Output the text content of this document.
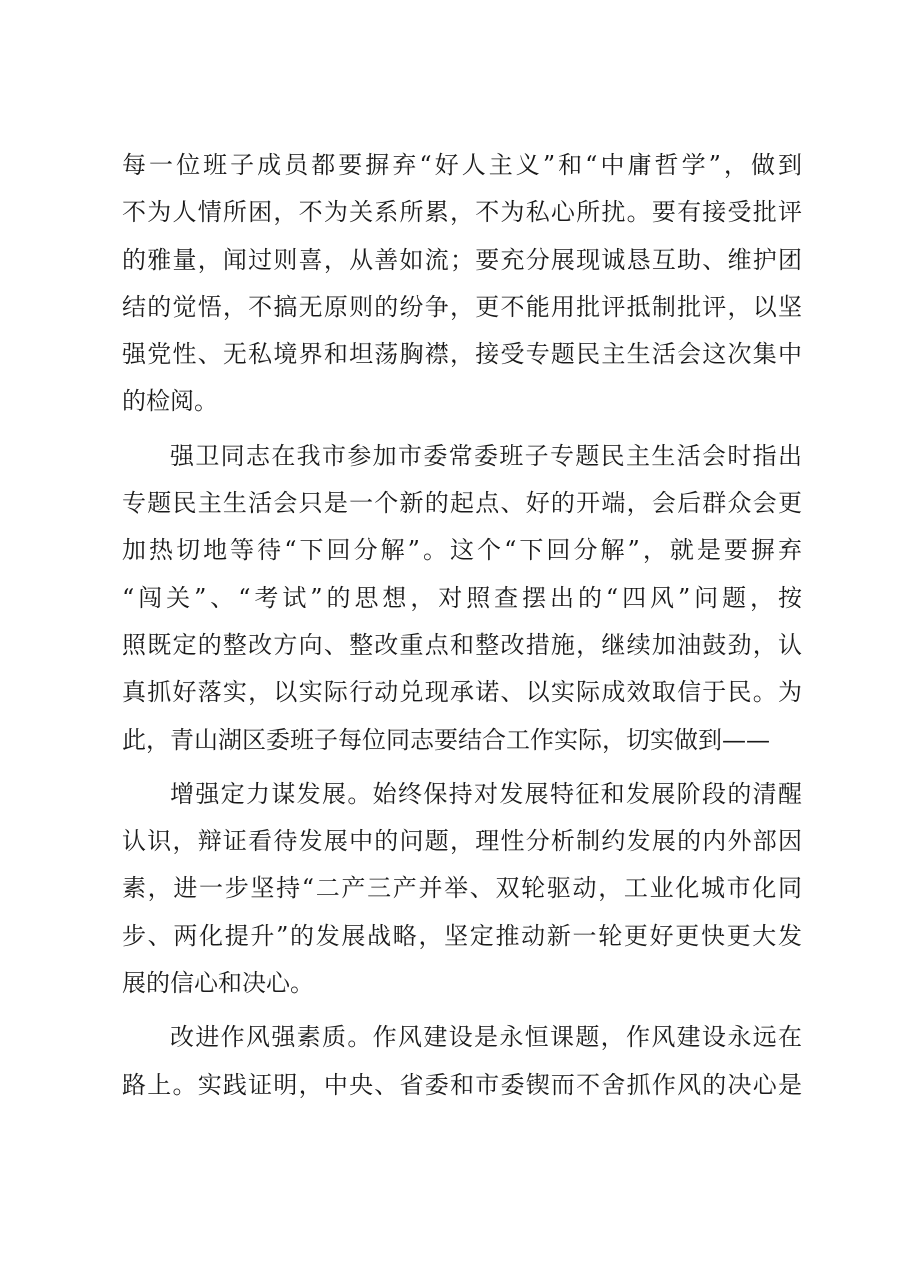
每一位班子成员都要摒弃“好人主义”和“中庸哲学”，做到
不为人情所困，不为关系所累，不为私心所扰。要有接受批评
的雅量，闻过则喜，从善如流；要充分展现诚恳互助、维护团
结的觉悟，不搞无原则的纷争，更不能用批评抵制批评，以坚
强党性、无私境界和坦荡胸襟，接受专题民主生活会这次集中
的检阅。
强卫同志在我市参加市委常委班子专题民主生活会时指出
专题民主生活会只是一个新的起点、好的开端，会后群众会更
加热切地等待“下回分解”。这个“下回分解”，就是要摒弃
“闯关”、“考试”的思想，对照查摆出的“四风”问题，按
照既定的整改方向、整改重点和整改措施，继续加油鼓劲，认
真抓好落实，以实际行动兑现承诺、以实际成效取信于民。为
此，青山湖区委班子每位同志要结合工作实际，切实做到——
增强定力谋发展。始终保持对发展特征和发展阶段的清醒
认识，辩证看待发展中的问题，理性分析制约发展的内外部因
素，进一步坚持“二产三产并举、双轮驱动，工业化城市化同
步、两化提升”的发展战略，坚定推动新一轮更好更快更大发
展的信心和决心。
改进作风强素质。作风建设是永恒课题，作风建设永远在
路上。实践证明，中央、省委和市委锲而不舍抓作风的决心是
